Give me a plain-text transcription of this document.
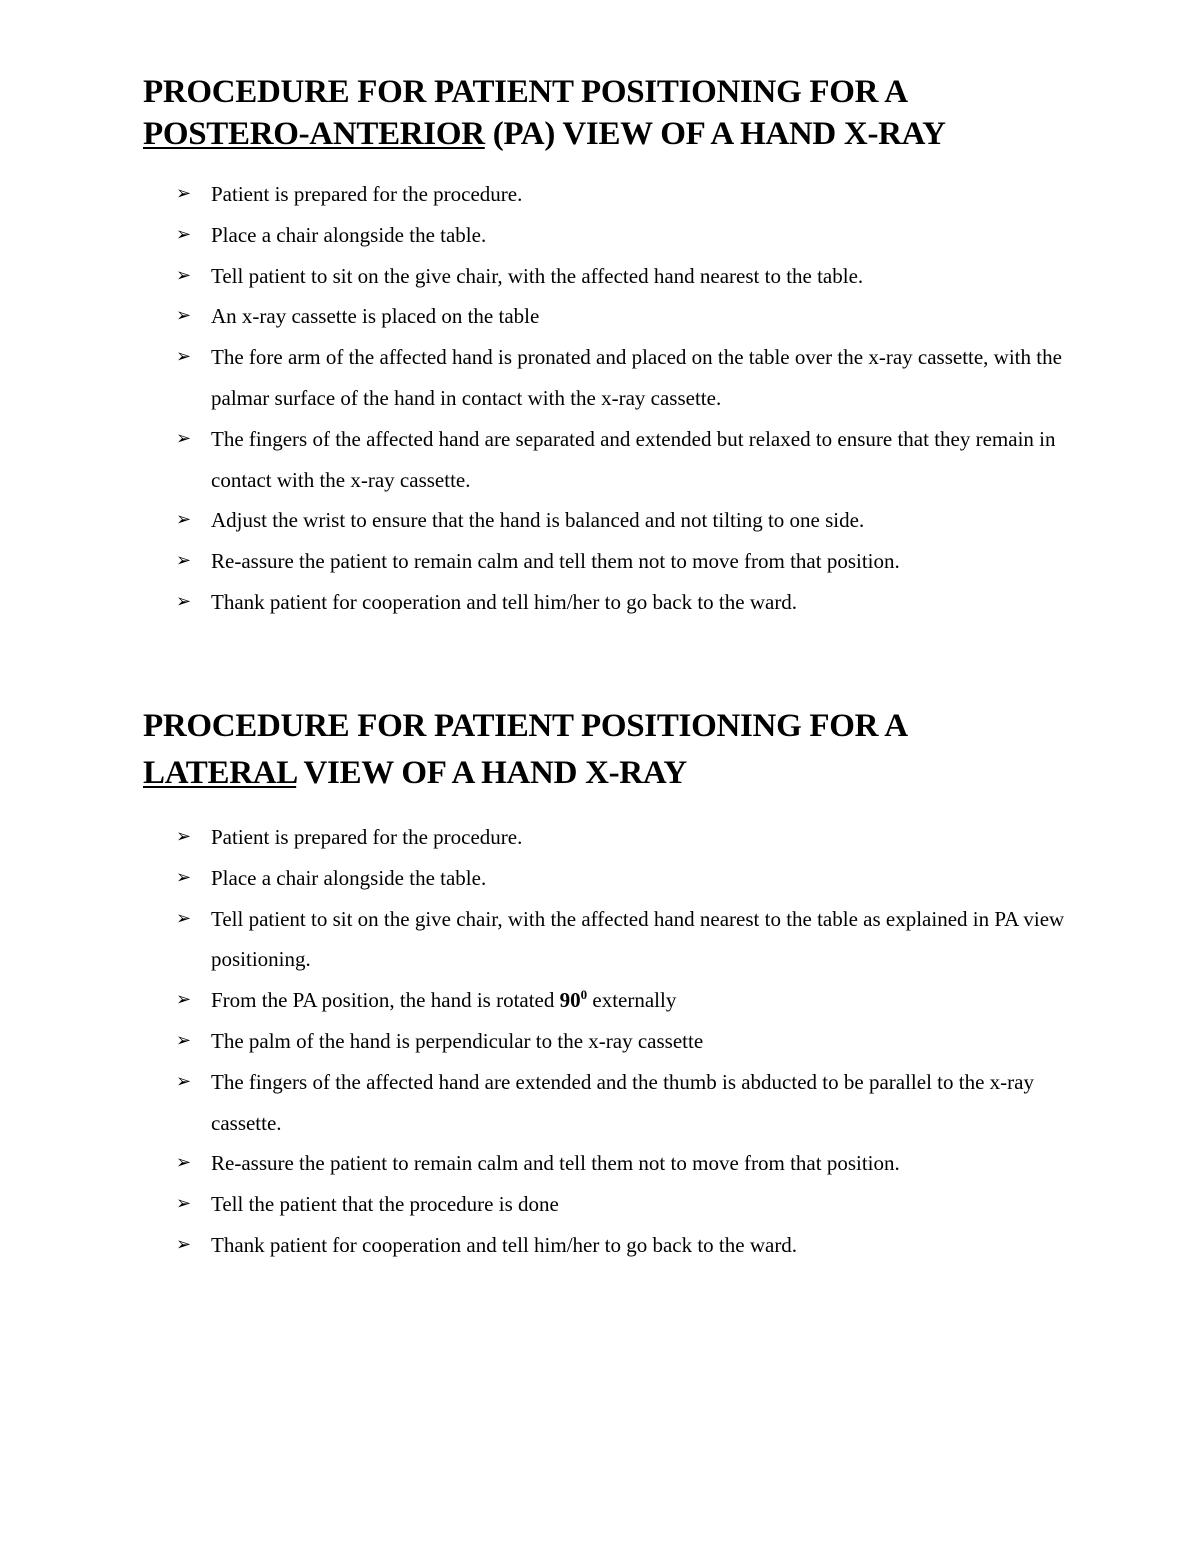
PROCEDURE FOR PATIENT POSITIONING FOR A
POSTERO-ANTERIOR (PA) VIEW OF A HAND X-RAY
➢ Patient is prepared for the procedure.
➢ Place a chair alongside the table.
➢ Tell patient to sit on the give chair, with the affected hand nearest to the table.
➢ An x-ray cassette is placed on the table
➢ The fore arm of the affected hand is pronated and placed on the table over the x-ray cassette, with the palmar surface of the hand in contact with the x-ray cassette.
➢ The fingers of the affected hand are separated and extended but relaxed to ensure that they remain in contact with the x-ray cassette.
➢ Adjust the wrist to ensure that the hand is balanced and not tilting to one side.
➢ Re-assure the patient to remain calm and tell them not to move from that position.
➢ Thank patient for cooperation and tell him/her to go back to the ward.
PROCEDURE FOR PATIENT POSITIONING FOR A
LATERAL VIEW OF A HAND X-RAY
➢ Patient is prepared for the procedure.
➢ Place a chair alongside the table.
➢ Tell patient to sit on the give chair, with the affected hand nearest to the table as explained in PA view positioning.
➢ From the PA position, the hand is rotated $90^0$ externally
➢ The palm of the hand is perpendicular to the x-ray cassette
➢ The fingers of the affected hand are extended and the thumb is abducted to be parallel to the x-ray cassette.
➢ Re-assure the patient to remain calm and tell them not to move from that position.
➢ Tell the patient that the procedure is done
➢ Thank patient for cooperation and tell him/her to go back to the ward.
